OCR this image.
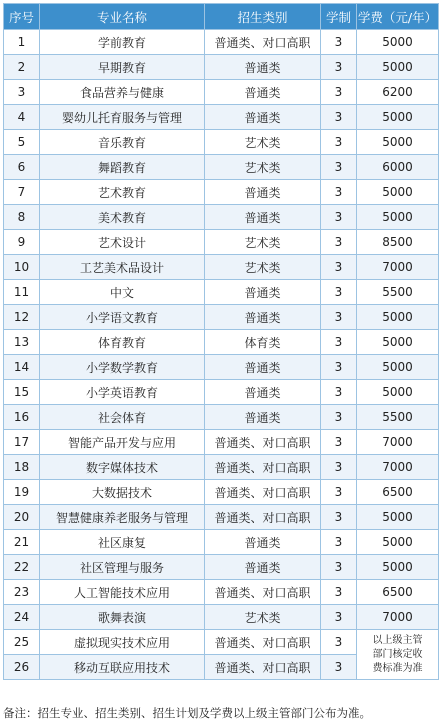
序号	专业名称	招生类别	学制	学费（元/年）
1	学前教育	普通类、对口高职	3	5000
2	早期教育	普通类	3	5000
3	食品营养与健康	普通类	3	6200
4	婴幼儿托育服务与管理	普通类	3	5000
5	音乐教育	艺术类	3	5000
6	舞蹈教育	艺术类	3	6000
7	艺术教育	普通类	3	5000
8	美术教育	普通类	3	5000
9	艺术设计	艺术类	3	8500
10	工艺美术品设计	艺术类	3	7000
11	中文	普通类	3	5500
12	小学语文教育	普通类	3	5000
13	体育教育	体育类	3	5000
14	小学数学教育	普通类	3	5000
15	小学英语教育	普通类	3	5000
16	社会体育	普通类	3	5500
17	智能产品开发与应用	普通类、对口高职	3	7000
18	数字媒体技术	普通类、对口高职	3	7000
19	大数据技术	普通类、对口高职	3	6500
20	智慧健康养老服务与管理	普通类、对口高职	3	5000
21	社区康复	普通类	3	5000
22	社区管理与服务	普通类	3	5000
23	人工智能技术应用	普通类、对口高职	3	6500
24	歌舞表演	艺术类	3	7000
25	虚拟现实技术应用	普通类、对口高职	3	以上级主管部门核定收费标准为准
26	移动互联应用技术	普通类、对口高职	3	
备注：招生专业、招生类别、招生计划及学费以上级主管部门公布为准。
